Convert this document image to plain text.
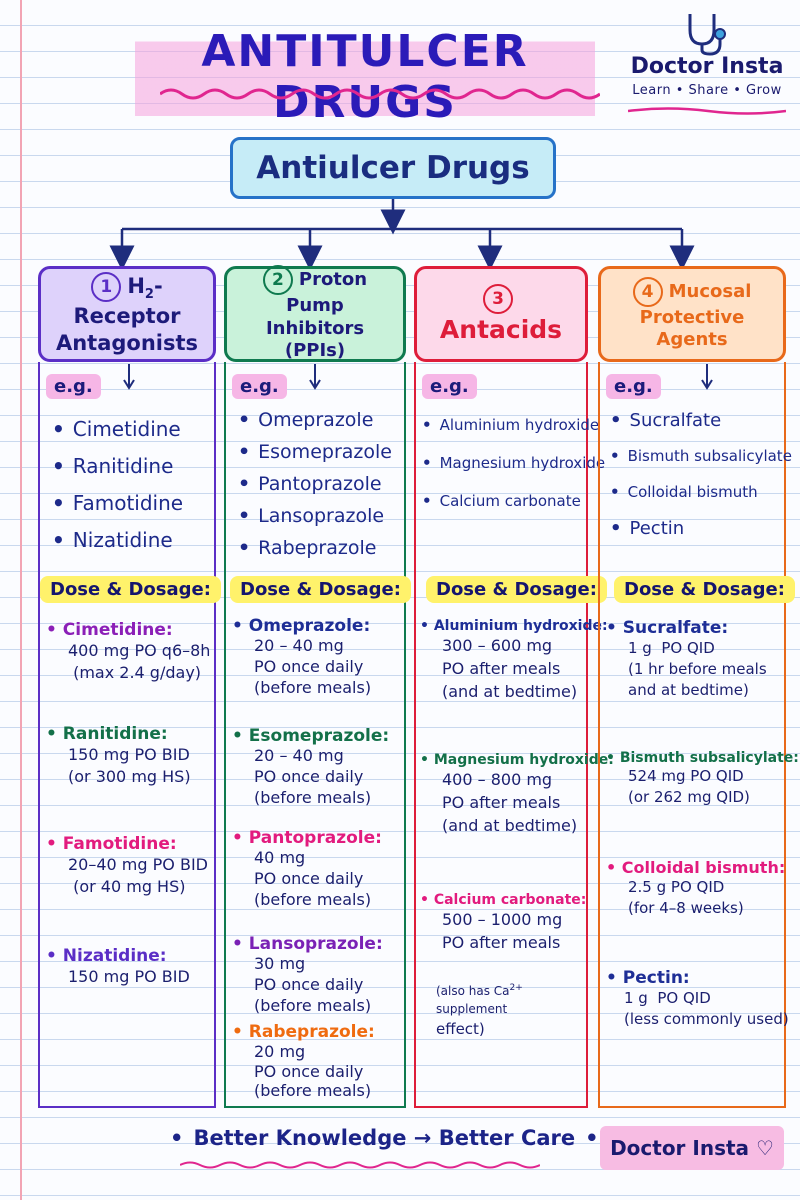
ANTITULCER DRUGS
Doctor Insta
Learn • Share • Grow
Antiulcer Drugs
1 $H_2$-Receptor Antagonists
e.g.
• Cimetidine
• Ranitidine
• Famotidine
• Nizatidine
Dose & Dosage:
• Cimetidine:
400 mg PO q6–8h
(max 2.4 g/day)
• Ranitidine:
150 mg PO BID
(or 300 mg HS)
• Famotidine:
20–40 mg PO BID
(or 40 mg HS)
• Nizatidine:
150 mg PO BID
2 Proton Pump Inhibitors (PPIs)
e.g.
• Omeprazole
• Esomeprazole
• Pantoprazole
• Lansoprazole
• Rabeprazole
Dose & Dosage:
• Omeprazole:
20 – 40 mg
PO once daily
(before meals)
• Esomeprazole:
20 – 40 mg
PO once daily
(before meals)
• Pantoprazole:
40 mg
PO once daily
(before meals)
• Lansoprazole:
30 mg
PO once daily
(before meals)
• Rabeprazole:
20 mg
PO once daily
(before meals)
3Antacids
e.g.
• Aluminium hydroxide
• Magnesium hydroxide
• Calcium carbonate
Dose & Dosage:
• Aluminium hydroxide:
300 – 600 mg
PO after meals
(and at bedtime)
• Magnesium hydroxide:
400 – 800 mg
PO after meals
(and at bedtime)
• Calcium carbonate:
500 – 1000 mg
PO after meals
(also has $Ca^{2+}$ supplement
effect)
4 Mucosal Protective Agents
e.g.
• Sucralfate
• Bismuth subsalicylate
• Colloidal bismuth
• Pectin
Dose & Dosage:
• Sucralfate:
1 g  PO QID
(1 hr before meals
and at bedtime)
• Bismuth subsalicylate:
524 mg PO QID
(or 262 mg QID)
• Colloidal bismuth:
2.5 g PO QID
(for 4–8 weeks)
• Pectin:
1 g  PO QID
(less commonly used)
• Better Knowledge → Better Care • Doctor Insta ♡
